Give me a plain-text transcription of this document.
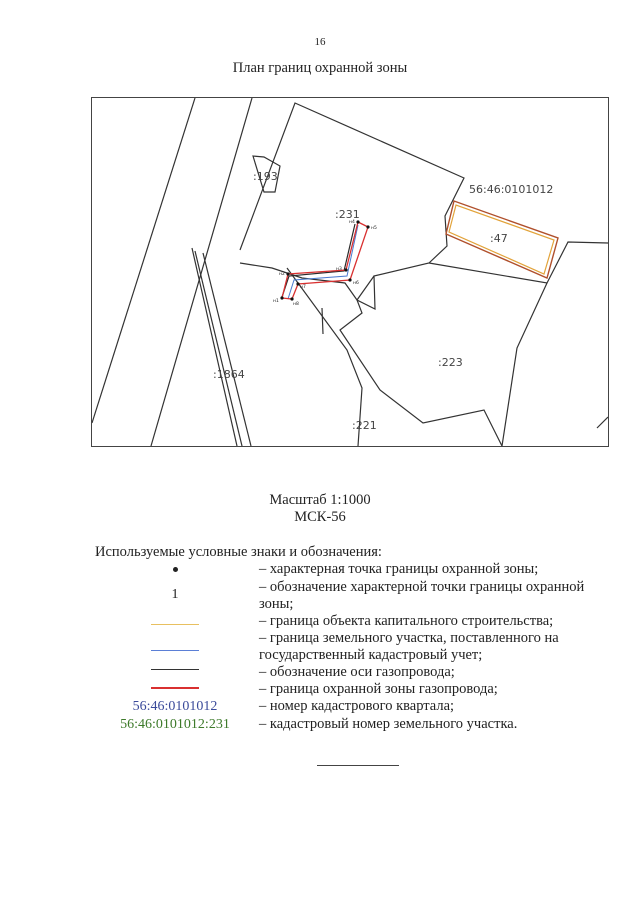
16
План границ охранной зоны
н1
н2
н3
н4
н5
н6
н7
н8
56:46:0101012
:193
:231
:47
:1864
:223
:221
Масштаб 1:1000
МСК-56
Используемые условные знаки и обозначения:
– характерная точка границы охранной зоны;
1	– обозначение характерной точки границы охранной зоны;
– граница объекта капитального строительства;
– граница земельного участка, поставленного на государственный кадастровый учет;
– обозначение оси газопровода;
– граница охранной зоны газопровода;
56:46:0101012	– номер кадастрового квартала;
56:46:0101012:231	– кадастровый номер земельного участка.
